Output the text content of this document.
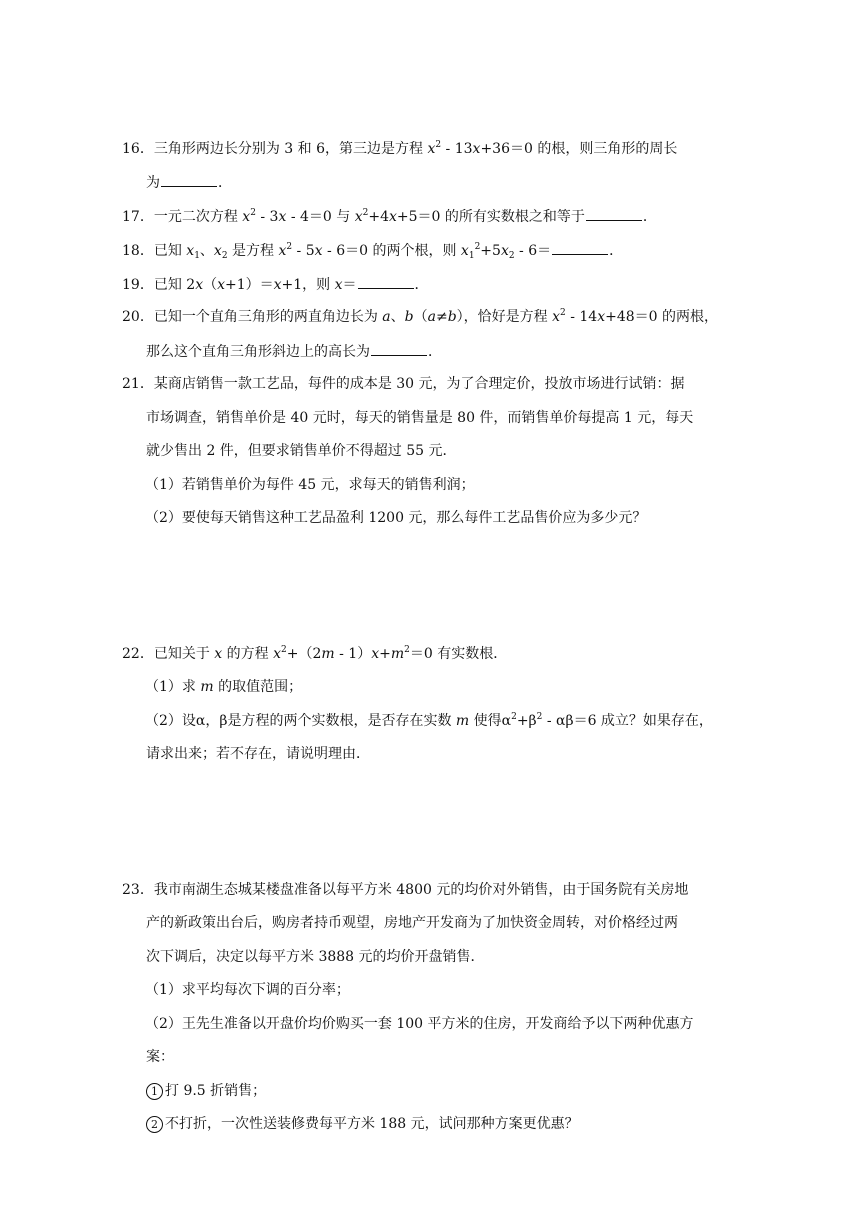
16．三角形两边长分别为 3 和 6，第三边是方程 $x^2$ ‐ 13x+36＝0 的根，则三角形的周长
为	．
17．一元二次方程 $x^2$ ‐ 3x ‐ 4＝0 与 $x^2+4x+5=0$ 的所有实数根之和等于	．
18．已知 $x_1$、$x_2$ 是方程 $x^2$ ‐ 5x ‐ 6＝0 的两个根，则 $x_1^2+5x_2$ ‐ 6＝	．
19．已知 2x（x+1）＝x+1，则 x＝	．
20．已知一个直角三角形的两直角边长为 a、b（a≠b），恰好是方程 $x^2$ ‐ 14x+48＝0 的两根，
那么这个直角三角形斜边上的高长为	．
21．某商店销售一款工艺品，每件的成本是 30 元，为了合理定价，投放市场进行试销：据
市场调查，销售单价是 40 元时，每天的销售量是 80 件，而销售单价每提高 1 元，每天
就少售出 2 件，但要求销售单价不得超过 55 元．
（1）若销售单价为每件 45 元，求每天的销售利润；
（2）要使每天销售这种工艺品盈利 1200 元，那么每件工艺品售价应为多少元？
22．已知关于 x 的方程 $x^2+(2m$ ‐ $1)x+m^2=0$ 有实数根．
（1）求 m 的取值范围；
（2）设α，β是方程的两个实数根，是否存在实数 m 使得$\alpha^2+\beta^2$ ‐ αβ＝6 成立？如果存在，
请求出来；若不存在，请说明理由．
23．我市南湖生态城某楼盘准备以每平方米 4800 元的均价对外销售，由于国务院有关房地
产的新政策出台后，购房者持币观望，房地产开发商为了加快资金周转，对价格经过两
次下调后，决定以每平方米 3888 元的均价开盘销售．
（1）求平均每次下调的百分率；
（2）王先生准备以开盘价均价购买一套 100 平方米的住房，开发商给予以下两种优惠方
案：
1 打 9.5 折销售；
2 不打折，一次性送装修费每平方米 188 元，试问那种方案更优惠？
